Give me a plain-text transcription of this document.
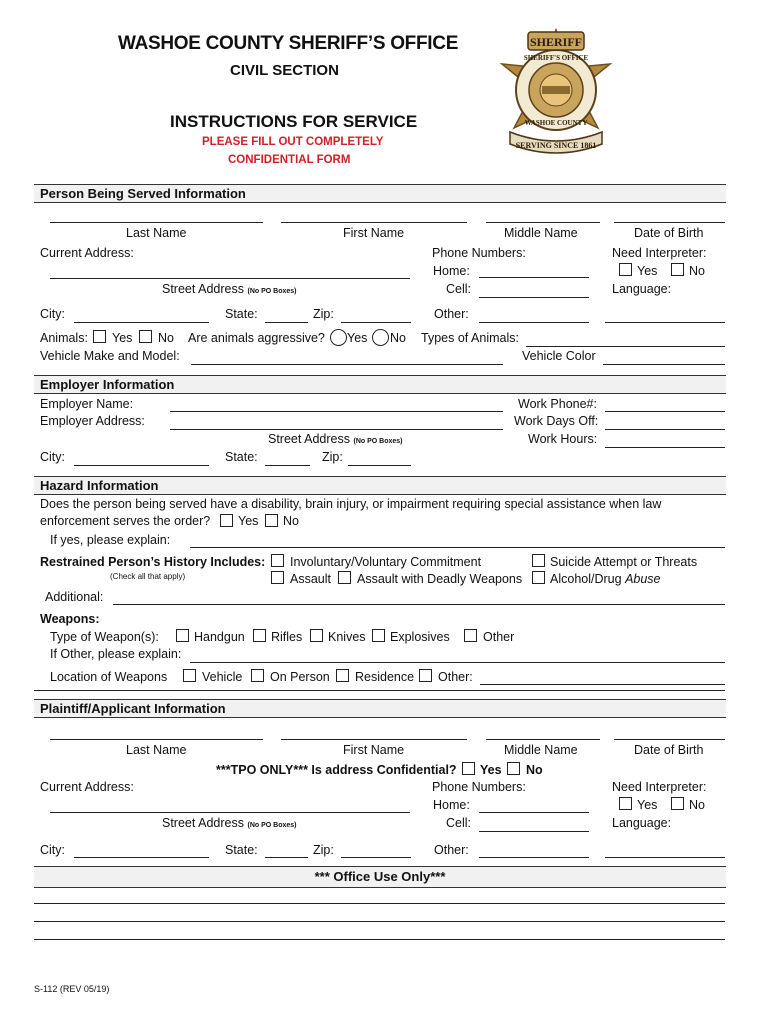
WASHOE COUNTY SHERIFF’S OFFICE
CIVIL SECTION
INSTRUCTIONS FOR SERVICE
PLEASE FILL OUT COMPLETELY
CONFIDENTIAL FORM
SHERIFF
SERVING SINCE 1861
SHERIFF'S OFFICE
WASHOE COUNTY
Person Being Served Information
Last Name	First Name	Middle Name	Date of Birth
Current Address:	Phone Numbers:	Need Interpreter:
Home:	Yes	No
Street Address (No PO Boxes)	Cell:	Language:
City:	State:	Zip:	Other:
Animals: Yes No Are animals aggressive? Yes No Types of Animals:
Vehicle Make and Model:	Vehicle Color
Employer Information
Employer Name:	Work Phone#:
Employer Address:	Work Days Off:
Street Address (No PO Boxes)	Work Hours:
City:	State:	Zip:
Hazard Information
Does the person being served have a disability, brain injury, or impairment requiring special assistance when law
enforcement serves the order? Yes No
If yes, please explain:
Restrained Person’s History Includes:
(Check all that apply)
Involuntary/Voluntary Commitment	Suicide Attempt or Threats
Assault Assault with Deadly Weapons Alcohol/Drug Abuse
Additional:
Weapons:
Type of Weapon(s):	Handgun Rifles Knives Explosives	Other
If Other, please explain:
Location of Weapons	Vehicle On Person Residence Other:
Plaintiff/Applicant Information
Last Name	First Name	Middle Name	Date of Birth
***TPO ONLY*** Is address Confidential? Yes No
Current Address:	Phone Numbers:	Need Interpreter:
Home:	Yes	No
Street Address (No PO Boxes)	Cell:	Language:
City:	State:	Zip:	Other:
*** Office Use Only***
S-112 (REV 05/19)
